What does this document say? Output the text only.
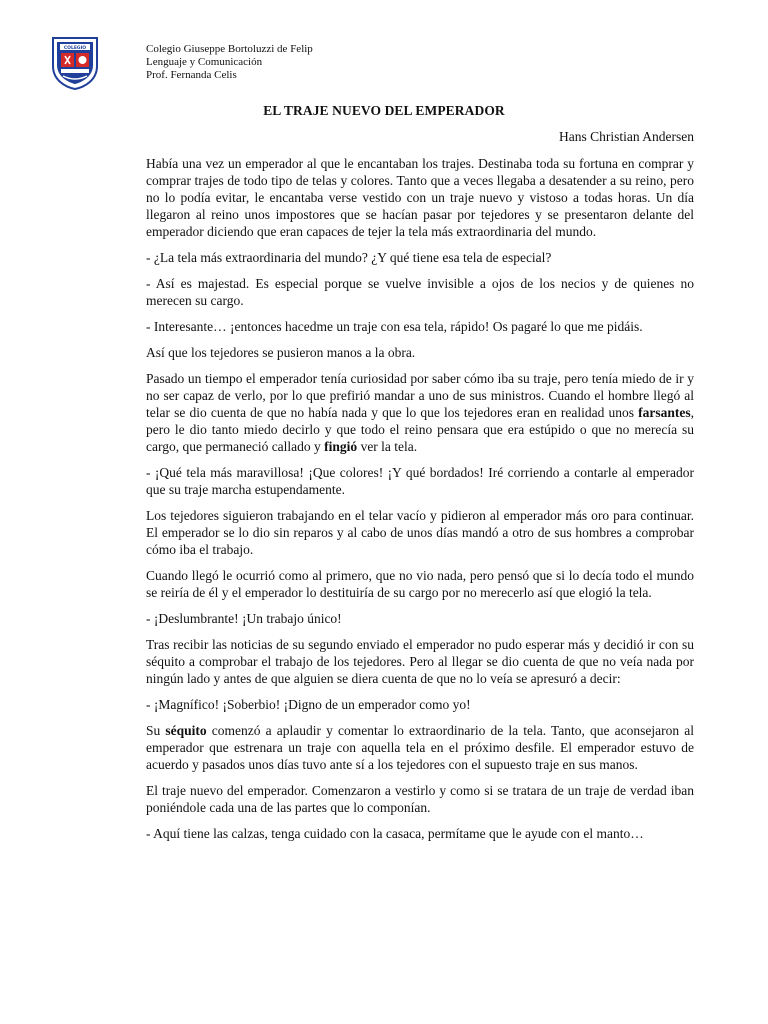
COLEGIO	Colegio Giuseppe Bortoluzzi de Felip
Lenguaje y Comunicación
Prof. Fernanda Celis
EL TRAJE NUEVO DEL EMPERADOR
Hans Christian Andersen

Había una vez un emperador al que le encantaban los trajes. Destinaba toda su fortuna en comprar y comprar trajes de todo tipo de telas y colores. Tanto que a veces llegaba a desatender a su reino, pero no lo podía evitar, le encantaba verse vestido con un traje nuevo y vistoso a todas horas. Un día llegaron al reino unos impostores que se hacían pasar por tejedores y se presentaron delante del emperador diciendo que eran capaces de tejer la tela más extraordinaria del mundo.

- ¿La tela más extraordinaria del mundo? ¿Y qué tiene esa tela de especial?

- Así es majestad. Es especial porque se vuelve invisible a ojos de los necios y de quienes no merecen su cargo.

- Interesante… ¡entonces hacedme un traje con esa tela, rápido! Os pagaré lo que me pidáis.

Así que los tejedores se pusieron manos a la obra.

Pasado un tiempo el emperador tenía curiosidad por saber cómo iba su traje, pero tenía miedo de ir y no ser capaz de verlo, por lo que prefirió mandar a uno de sus ministros. Cuando el hombre llegó al telar se dio cuenta de que no había nada y que lo que los tejedores eran en realidad unos farsantes, pero le dio tanto miedo decirlo y que todo el reino pensara que era estúpido o que no merecía su cargo, que permaneció callado y fingió ver la tela.

- ¡Qué tela más maravillosa! ¡Que colores! ¡Y qué bordados! Iré corriendo a contarle al emperador que su traje marcha estupendamente.

Los tejedores siguieron trabajando en el telar vacío y pidieron al emperador más oro para continuar. El emperador se lo dio sin reparos y al cabo de unos días mandó a otro de sus hombres a comprobar cómo iba el trabajo.

Cuando llegó le ocurrió como al primero, que no vio nada, pero pensó que si lo decía todo el mundo se reiría de él y el emperador lo destituiría de su cargo por no merecerlo así que elogió la tela.

- ¡Deslumbrante! ¡Un trabajo único!

Tras recibir las noticias de su segundo enviado el emperador no pudo esperar más y decidió ir con su séquito a comprobar el trabajo de los tejedores. Pero al llegar se dio cuenta de que no veía nada por ningún lado y antes de que alguien se diera cuenta de que no lo veía se apresuró a decir:

- ¡Magnífico! ¡Soberbio! ¡Digno de un emperador como yo!

Su séquito comenzó a aplaudir y comentar lo extraordinario de la tela. Tanto, que aconsejaron al emperador que estrenara un traje con aquella tela en el próximo desfile. El emperador estuvo de acuerdo y pasados unos días tuvo ante sí a los tejedores con el supuesto traje en sus manos.

El traje nuevo del emperador. Comenzaron a vestirlo y como si se tratara de un traje de verdad iban poniéndole cada una de las partes que lo componían.

- Aquí tiene las calzas, tenga cuidado con la casaca, permítame que le ayude con el manto…
